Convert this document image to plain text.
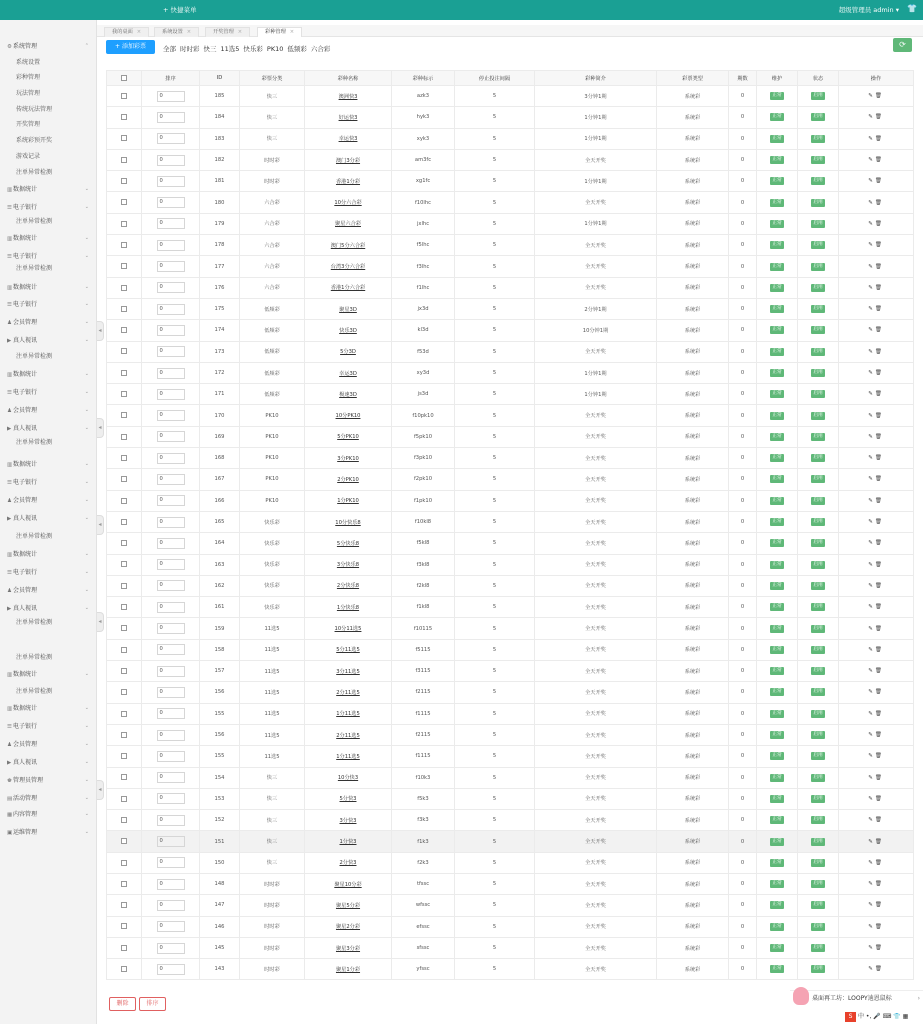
+ 快捷菜单	超级管理员 admin ▾ 👕
⚙系统管理	⌃
系统设置
彩种管理
玩法管理
传统玩法管理
开奖管理
系统彩预开奖
游戏记录
注单异常检测
▥数据统计	⌄
☰电子银行	⌄
注单异常检测
▥数据统计	⌄
☰电子银行	⌄
注单异常检测
▥数据统计	⌄
☰电子银行	⌄
♟会员管理	⌄
▶ 真人视讯	⌄
注单异常检测
▥数据统计	⌄
☰电子银行	⌄
♟会员管理	⌄
▶ 真人视讯	⌄
注单异常检测
▥数据统计	⌄
☰电子银行	⌄
♟会员管理	⌄
▶ 真人视讯	⌄
注单异常检测
▥数据统计	⌄
☰电子银行	⌄
♟会员管理	⌄
▶ 真人视讯	⌄
注单异常检测
注单异常检测
▥数据统计	⌄
注单异常检测
▥数据统计	⌄
☰电子银行	⌄
♟会员管理	⌄
▶ 真人视讯	⌄
♚管理员管理	⌄
▤活动管理	⌄
▦内容管理	⌄
▣运维管理	⌄
◂
◂
◂
◂
◂
我的桌面 ×	系统设置 ×	开奖管理 ×	彩种管理 ×
+ 添加彩票	全部 时时彩 快三 11选5 快乐彩 PK10 低频彩 六合彩	⟳
	排序	ID	彩票分类	彩种名称	彩种标示	停止投注间隔	彩种简介	彩票类型	期数	维护	状态	操作
	0	185	快三	澳洲快3	azk3	5	3分钟1期	系统彩	0	正常	启用	✎🗑
	0	184	快三	好运快3	hyk3	5	1分钟1期	系统彩	0	正常	启用	✎🗑
	0	183	快三	幸运快3	xyk3	5	1分钟1期	系统彩	0	正常	启用	✎🗑
	0	182	时时彩	澳门3分彩	am3fc	5	全天开奖	系统彩	0	正常	启用	✎🗑
	0	181	时时彩	香港1分彩	xg1fc	5	1分钟1期	系统彩	0	正常	启用	✎🗑
	0	180	六合彩	10分六合彩	f10lhc	5	全天开奖	系统彩	0	正常	启用	✎🗑
	0	179	六合彩	聚星六合彩	jxlhc	5	1分钟1期	系统彩	0	正常	启用	✎🗑
	0	178	六合彩	澳门5分六合彩	f5lhc	5	全天开奖	系统彩	0	正常	启用	✎🗑
	0	177	六合彩	台湾3分六合彩	f3lhc	5	全天开奖	系统彩	0	正常	启用	✎🗑
	0	176	六合彩	香港1分六合彩	f1lhc	5	全天开奖	系统彩	0	正常	启用	✎🗑
	0	175	低频彩	聚星3D	jx3d	5	2分钟1期	系统彩	0	正常	启用	✎🗑
	0	174	低频彩	快乐3D	kl3d	5	10分钟1期	系统彩	0	正常	启用	✎🗑
	0	173	低频彩	5分3D	f53d	5	全天开奖	系统彩	0	正常	启用	✎🗑
	0	172	低频彩	幸运3D	xy3d	5	1分钟1期	系统彩	0	正常	启用	✎🗑
	0	171	低频彩	极速3D	js3d	5	1分钟1期	系统彩	0	正常	启用	✎🗑
	0	170	PK10	10分PK10	f10pk10	5	全天开奖	系统彩	0	正常	启用	✎🗑
	0	169	PK10	5分PK10	f5pk10	5	全天开奖	系统彩	0	正常	启用	✎🗑
	0	168	PK10	3分PK10	f3pk10	5	全天开奖	系统彩	0	正常	启用	✎🗑
	0	167	PK10	2分PK10	f2pk10	5	全天开奖	系统彩	0	正常	启用	✎🗑
	0	166	PK10	1分PK10	f1pk10	5	全天开奖	系统彩	0	正常	启用	✎🗑
	0	165	快乐彩	10分快乐8	f10kl8	5	全天开奖	系统彩	0	正常	启用	✎🗑
	0	164	快乐彩	5分快乐8	f5kl8	5	全天开奖	系统彩	0	正常	启用	✎🗑
	0	163	快乐彩	3分快乐8	f3kl8	5	全天开奖	系统彩	0	正常	启用	✎🗑
	0	162	快乐彩	2分快乐8	f2kl8	5	全天开奖	系统彩	0	正常	启用	✎🗑
	0	161	快乐彩	1分快乐8	f1kl8	5	全天开奖	系统彩	0	正常	启用	✎🗑
	0	159	11选5	10分11选5	f10115	5	全天开奖	系统彩	0	正常	启用	✎🗑
	0	158	11选5	5分11选5	f5115	5	全天开奖	系统彩	0	正常	启用	✎🗑
	0	157	11选5	3分11选5	f3115	5	全天开奖	系统彩	0	正常	启用	✎🗑
	0	156	11选5	2分11选5	f2115	5	全天开奖	系统彩	0	正常	启用	✎🗑
	0	155	11选5	1分11选5	f1115	5	全天开奖	系统彩	0	正常	启用	✎🗑
	0	156	11选5	2分11选5	f2115	5	全天开奖	系统彩	0	正常	启用	✎🗑
	0	155	11选5	1分11选5	f1115	5	全天开奖	系统彩	0	正常	启用	✎🗑
	0	154	快三	10分快3	f10k3	5	全天开奖	系统彩	0	正常	启用	✎🗑
	0	153	快三	5分快3	f5k3	5	全天开奖	系统彩	0	正常	启用	✎🗑
	0	152	快三	3分快3	f3k3	5	全天开奖	系统彩	0	正常	启用	✎🗑
	0	151	快三	1分快3	f1k3	5	全天开奖	系统彩	0	正常	启用	✎🗑
	0	150	快三	2分快3	f2k3	5	全天开奖	系统彩	0	正常	启用	✎🗑
	0	148	时时彩	聚星10分彩	tfssc	5	全天开奖	系统彩	0	正常	启用	✎🗑
	0	147	时时彩	聚星5分彩	wfssc	5	全天开奖	系统彩	0	正常	启用	✎🗑
	0	146	时时彩	聚星2分彩	efssc	5	全天开奖	系统彩	0	正常	启用	✎🗑
	0	145	时时彩	聚星3分彩	sfssc	5	全天开奖	系统彩	0	正常	启用	✎🗑
	0	143	时时彩	聚星1分彩	yfssc	5	全天开奖	系统彩	0	正常	启用	✎🗑
删除	排序
桌面再工坊：LOOPY迪恩鼠标	›
S 中 •, 🎤 ⌨ 👕 ▦
